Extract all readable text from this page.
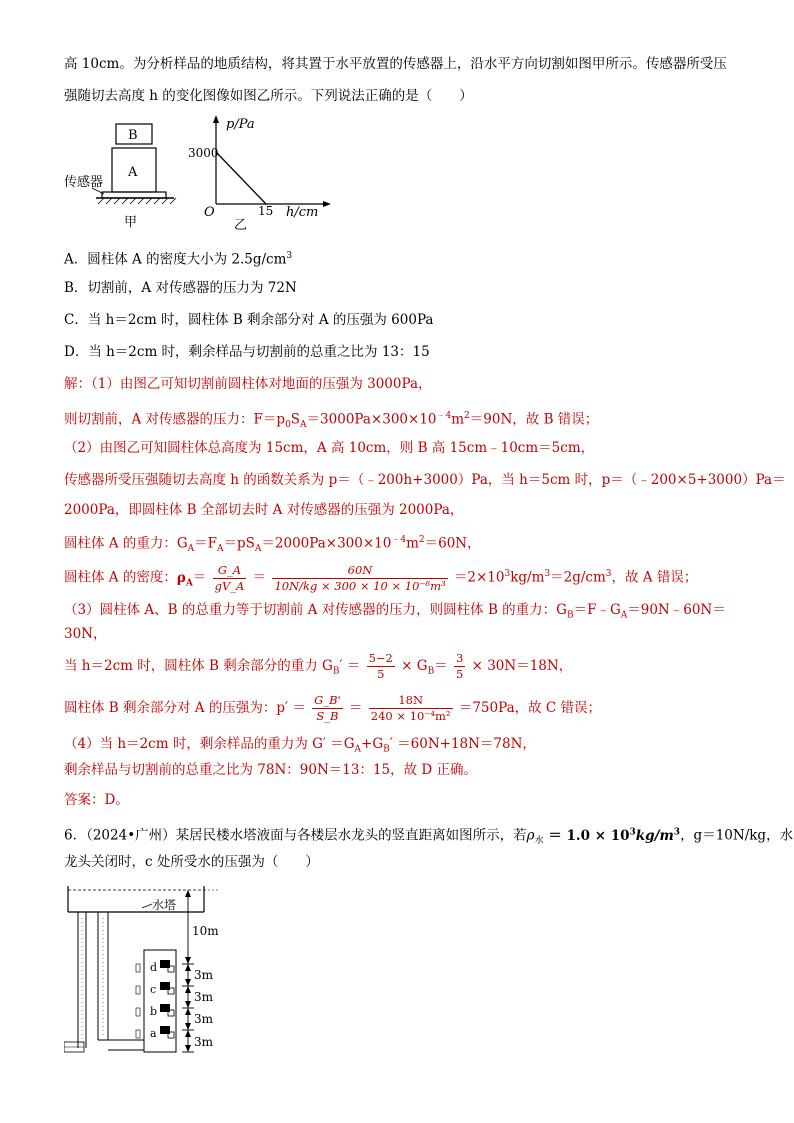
高 10cm。为分析样品的地质结构，将其置于水平放置的传感器上，沿水平方向切割如图甲所示。传感器所受压
强随切去高度 h 的变化图像如图乙所示。下列说法正确的是（　　）
B
A
传感器
甲
p/Pa
3000
O	15 h/cm
乙
A．圆柱体 A 的密度大小为 $2.5g/cm^3$
B．切割前，A 对传感器的压力为 72N
C．当 h＝2cm 时，圆柱体 B 剩余部分对 A 的压强为 600Pa
D．当 h＝2cm 时，剩余样品与切割前的总重之比为 13：15
解：（1）由图乙可知切割前圆柱体对地面的压强为 3000Pa，
则切割前，A 对传感器的压力：$F=p_0S_A=3000Pa\times 300\times 10^{﹣4}m^2=90N$，故 B 错误；
（2）由图乙可知圆柱体总高度为 15cm，A 高 10cm，则 B 高 15cm﹣10cm＝5cm，
传感器所受压强随切去高度 h 的函数关系为 p＝（﹣200h+3000）Pa，当 h＝5cm 时，p＝（﹣200×5+3000）Pa＝
2000Pa，即圆柱体 B 全部切去时 A 对传感器的压强为 2000Pa，
圆柱体 A 的重力：$G_A=F_A=pS_A=2000Pa\times 300\times 10^{﹣4}m^2=60N$，
圆柱体 A 的密度：$\rho_A= \frac{G\_A}{gV\_A} = \frac{60N}{\text{10N/kg × 300 × 10 × 10⁻⁶m³}} =2\times 10^3kg/m^3=2g/cm^3$，故 A 错误；
（3）圆柱体 A、B 的总重力等于切割前 A 对传感器的压力，则圆柱体 B 的重力：$G_B=F﹣G_A=90N﹣60N=$
30N，
当 h＝2cm 时，圆柱体 B 剩余部分的重力 $G_B' = \frac{5-2}{5} \times G_B= \frac{3}{5} \times 30N=18N$，
圆柱体 B 剩余部分对 A 的压强为：$p' = \frac{G\_B'}{S\_B} = \frac{18N}{\text{240 × 10⁻⁴m²}} =750Pa$，故 C 错误；
（4）当 h＝2cm 时，剩余样品的重力为 $G' =G_A+G_B' =60N+18N=78N$，
剩余样品与切割前的总重之比为 78N：90N＝13：15，故 D 正确。
答案：D。
6．（2024•广州）某居民楼水塔液面与各楼层水龙头的竖直距离如图所示，若$\rho_水 = 1.0 \times 10^3kg/m^3$，g＝10N/kg，水
龙头关闭时，c 处所受水的压强为（　　）
水塔
d
c
b
a
10m
3m
3m
3m
3m
